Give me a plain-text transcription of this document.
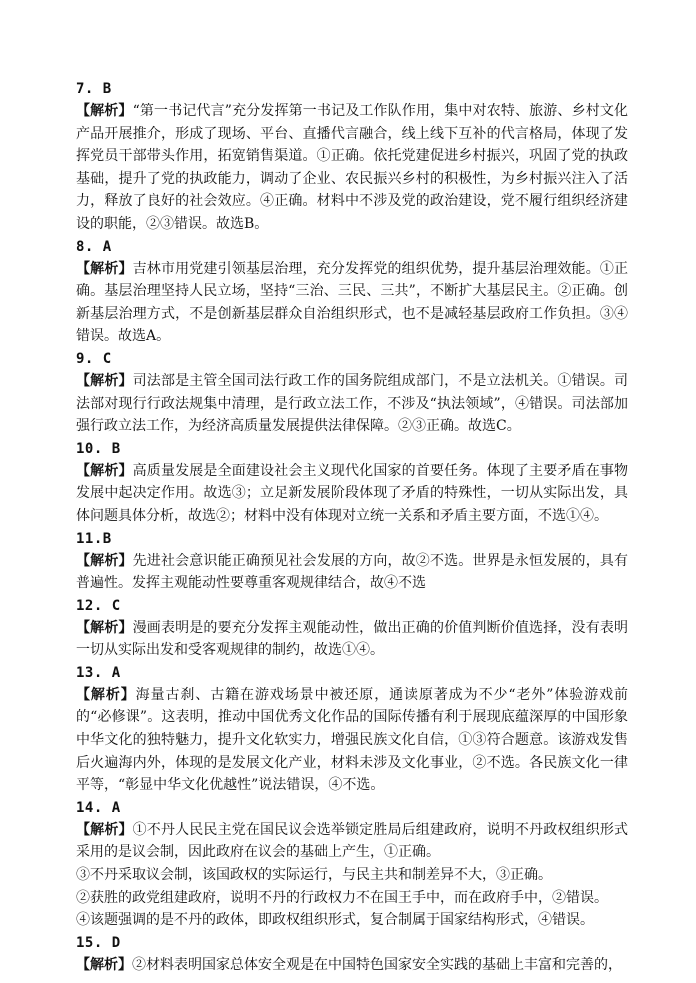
7. B

【解析】“第一书记代言”充分发挥第一书记及工作队作用，集中对农特、旅游、乡村文化产品开展推介，形成了现场、平台、直播代言融合，线上线下互补的代言格局，体现了发挥党员干部带头作用，拓宽销售渠道。①正确。依托党建促进乡村振兴，巩固了党的执政基础，提升了党的执政能力，调动了企业、农民振兴乡村的积极性，为乡村振兴注入了活力，释放了良好的社会效应。④正确。材料中不涉及党的政治建设，党不履行组织经济建设的职能，②③错误。故选B。

8. A

【解析】吉林市用党建引领基层治理，充分发挥党的组织优势，提升基层治理效能。①正确。基层治理坚持人民立场，坚持“三治、三民、三共”，不断扩大基层民主。②正确。创新基层治理方式，不是创新基层群众自治组织形式，也不是减轻基层政府工作负担。③④错误。故选A。

9. C

【解析】司法部是主管全国司法行政工作的国务院组成部门，不是立法机关。①错误。司法部对现行行政法规集中清理，是行政立法工作，不涉及“执法领域”，④错误。司法部加强行政立法工作，为经济高质量发展提供法律保障。②③正确。故选C。

10. B

【解析】高质量发展是全面建设社会主义现代化国家的首要任务。体现了主要矛盾在事物发展中起决定作用。故选③；立足新发展阶段体现了矛盾的特殊性，一切从实际出发，具体问题具体分析，故选②；材料中没有体现对立统一关系和矛盾主要方面，不选①④。

11.B

【解析】先进社会意识能正确预见社会发展的方向，故②不选。世界是永恒发展的，具有普遍性。发挥主观能动性要尊重客观规律结合，故④不选

12. C

【解析】漫画表明是的要充分发挥主观能动性，做出正确的价值判断价值选择，没有表明一切从实际出发和受客观规律的制约，故选①④。

13. A

【解析】海量古刹、古籍在游戏场景中被还原，通读原著成为不少“老外”体验游戏前的“必修课”。这表明，推动中国优秀文化作品的国际传播有利于展现底蕴深厚的中国形象中华文化的独特魅力，提升文化软实力，增强民族文化自信，①③符合题意。该游戏发售后火遍海内外，体现的是发展文化产业，材料未涉及文化事业，②不选。各民族文化一律平等，“彰显中华文化优越性”说法错误，④不选。

14. A

【解析】①不丹人民民主党在国民议会选举锁定胜局后组建政府，说明不丹政权组织形式采用的是议会制，因此政府在议会的基础上产生，①正确。

③不丹采取议会制，该国政权的实际运行，与民主共和制差异不大，③正确。

②获胜的政党组建政府，说明不丹的行政权力不在国王手中，而在政府手中，②错误。

④该题强调的是不丹的政体，即政权组织形式，复合制属于国家结构形式，④错误。

15. D

【解析】②材料表明国家总体安全观是在中国特色国家安全实践的基础上丰富和完善的，
